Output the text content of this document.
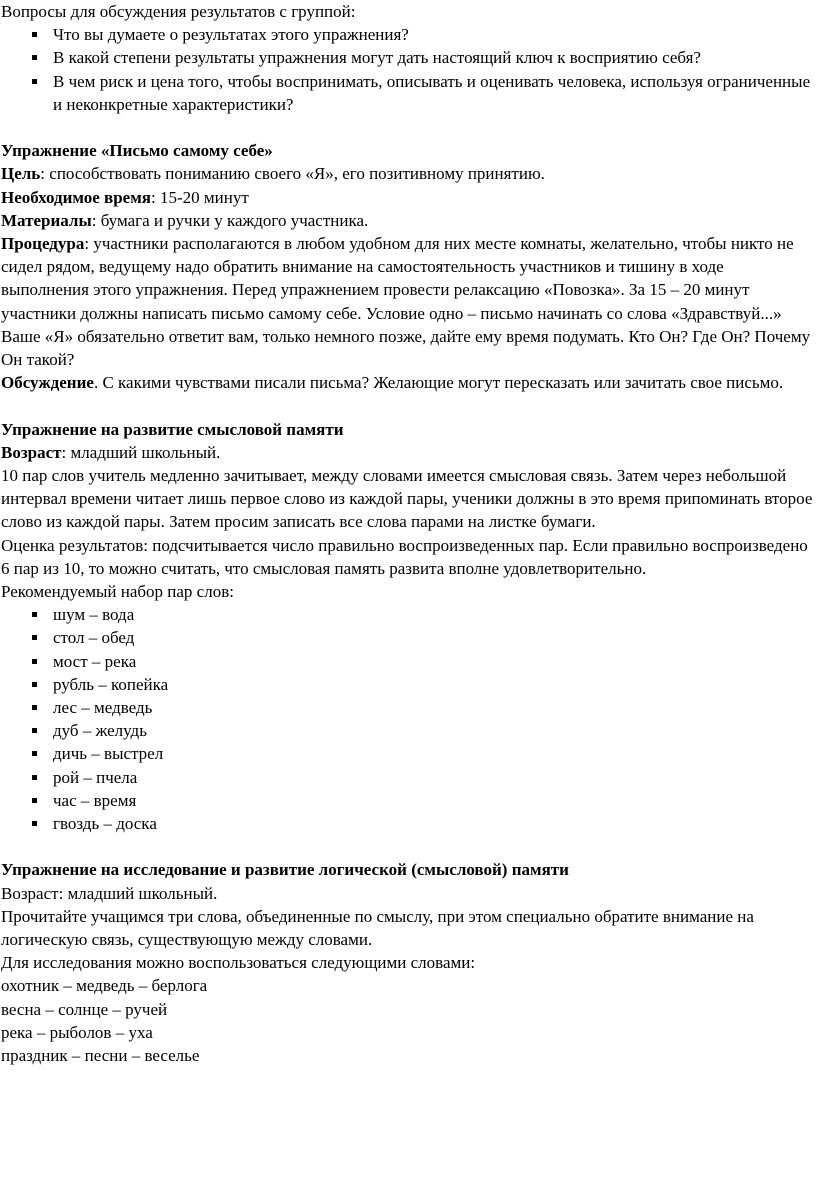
Вопросы для обсуждения результатов с группой:

Что вы думаете о результатах этого упражнения?
В какой степени результаты упражнения могут дать настоящий ключ к восприятию себя?
В чем риск и цена того, чтобы воспринимать, описывать и оценивать человека, используя ограниченные и неконкретные характеристики?

Упражнение «Письмо самому себе»

Цель: способствовать пониманию своего «Я», его позитивному принятию.

Необходимое время: 15-20 минут

Материалы: бумага и ручки у каждого участника.

Процедура: участники располагаются в любом удобном для них месте комнаты, желательно, чтобы никто не сидел рядом, ведущему надо обратить внимание на самостоятельность участников и тишину в ходе выполнения этого упражнения. Перед упражнением провести релаксацию «Повозка». За 15 – 20 минут участники должны написать письмо самому себе. Условие одно – письмо начинать со слова «Здравствуй...»

Ваше «Я» обязательно ответит вам, только немного позже, дайте ему время подумать. Кто Он? Где Он? Почему Он такой?

Обсуждение. С какими чувствами писали письма? Желающие могут пересказать или зачитать свое письмо.

Упражнение на развитие смысловой памяти

Возраст: младший школьный.

10 пар слов учитель медленно зачитывает, между словами имеется смысловая связь. Затем через небольшой интервал времени читает лишь первое слово из каждой пары, ученики должны в это время припоминать второе слово из каждой пары. Затем просим записать все слова парами на листке бумаги.

Оценка результатов: подсчитывается число правильно воспроизведенных пар. Если правильно воспроизведено 6 пар из 10, то можно считать, что смысловая память развита вполне удовлетворительно.

Рекомендуемый набор пар слов:

шум – вода
стол – обед
мост – река
рубль – копейка
лес – медведь
дуб – желудь
дичь – выстрел
рой – пчела
час – время
гвоздь – доска

Упражнение на исследование и развитие логической (смысловой) памяти

Возраст: младший школьный.

Прочитайте учащимся три слова, объединенные по смыслу, при этом специально обратите внимание на логическую связь, существующую между словами.

Для исследования можно воспользоваться следующими словами:

охотник – медведь – берлога

весна – солнце – ручей

река – рыболов – уха

праздник – песни – веселье
